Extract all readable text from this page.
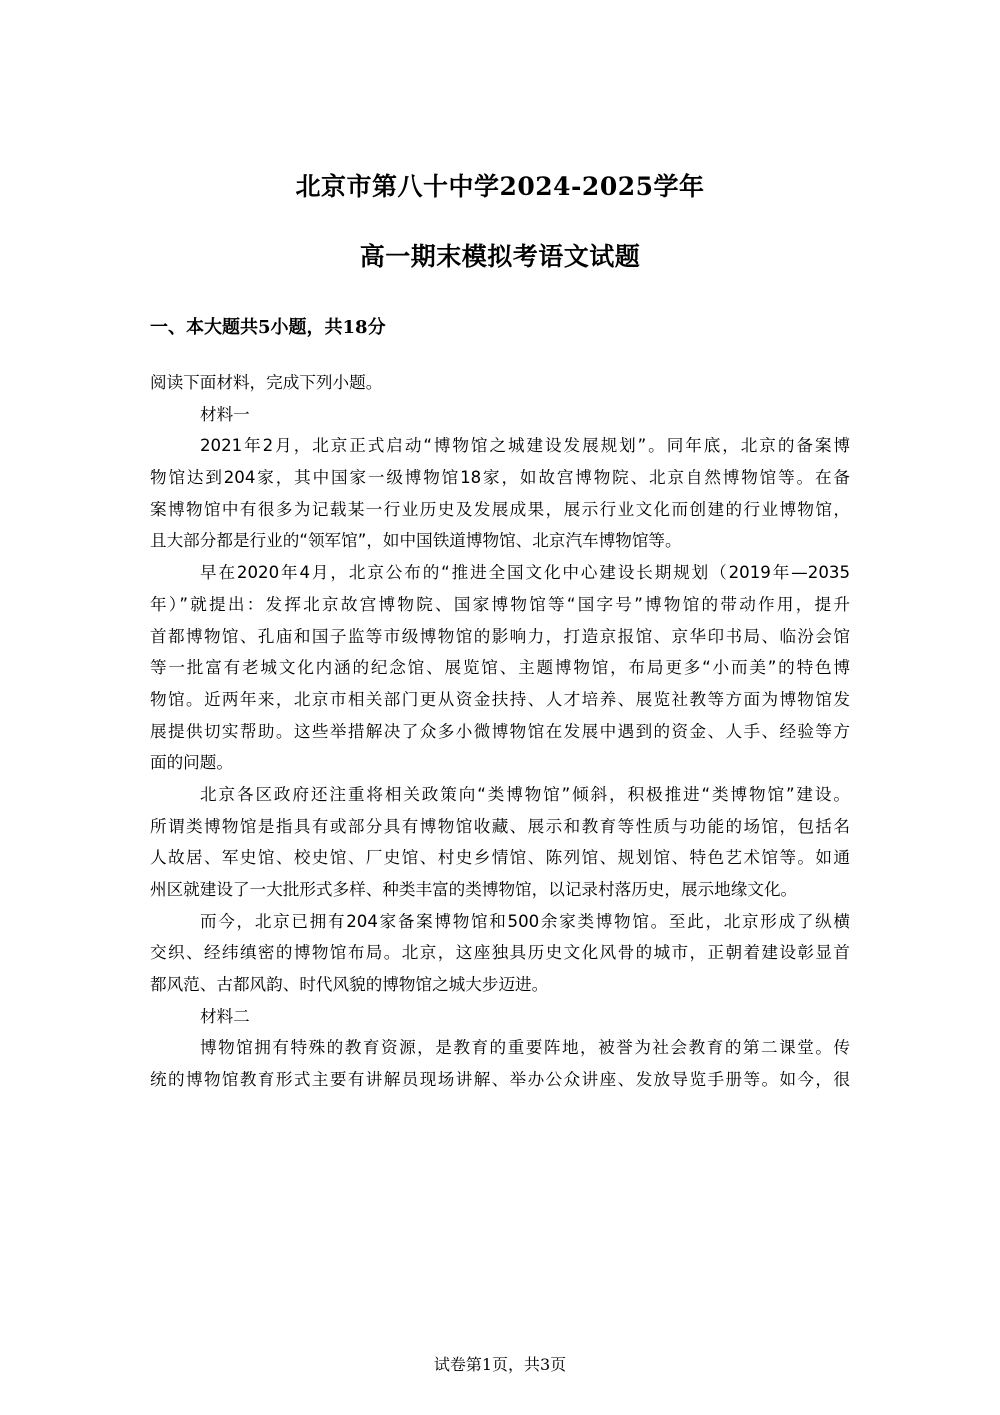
北京市第八十中学2024-2025学年
高一期末模拟考语文试题
一、本大题共5小题，共18分
阅读下面材料，完成下列小题。
材料一
2021年2月，北京正式启动“博物馆之城建设发展规划”。同年底，北京的备案博
物馆达到204家，其中国家一级博物馆18家，如故宫博物院、北京自然博物馆等。在备
案博物馆中有很多为记载某一行业历史及发展成果，展示行业文化而创建的行业博物馆，
且大部分都是行业的“领军馆”，如中国铁道博物馆、北京汽车博物馆等。
早在2020年4月，北京公布的“推进全国文化中心建设长期规划（2019年—2035
年）”就提出：发挥北京故宫博物院、国家博物馆等“国字号”博物馆的带动作用，提升
首都博物馆、孔庙和国子监等市级博物馆的影响力，打造京报馆、京华印书局、临汾会馆
等一批富有老城文化内涵的纪念馆、展览馆、主题博物馆，布局更多“小而美”的特色博
物馆。近两年来，北京市相关部门更从资金扶持、人才培养、展览社教等方面为博物馆发
展提供切实帮助。这些举措解决了众多小微博物馆在发展中遇到的资金、人手、经验等方
面的问题。
北京各区政府还注重将相关政策向“类博物馆”倾斜，积极推进“类博物馆”建设。
所谓类博物馆是指具有或部分具有博物馆收藏、展示和教育等性质与功能的场馆，包括名
人故居、军史馆、校史馆、厂史馆、村史乡情馆、陈列馆、规划馆、特色艺术馆等。如通
州区就建设了一大批形式多样、种类丰富的类博物馆，以记录村落历史，展示地缘文化。
而今，北京已拥有204家备案博物馆和500余家类博物馆。至此，北京形成了纵横
交织、经纬缜密的博物馆布局。北京，这座独具历史文化风骨的城市，正朝着建设彰显首
都风范、古都风韵、时代风貌的博物馆之城大步迈进。
材料二
博物馆拥有特殊的教育资源，是教育的重要阵地，被誉为社会教育的第二课堂。传
统的博物馆教育形式主要有讲解员现场讲解、举办公众讲座、发放导览手册等。如今，很
试卷第1页，共3页
